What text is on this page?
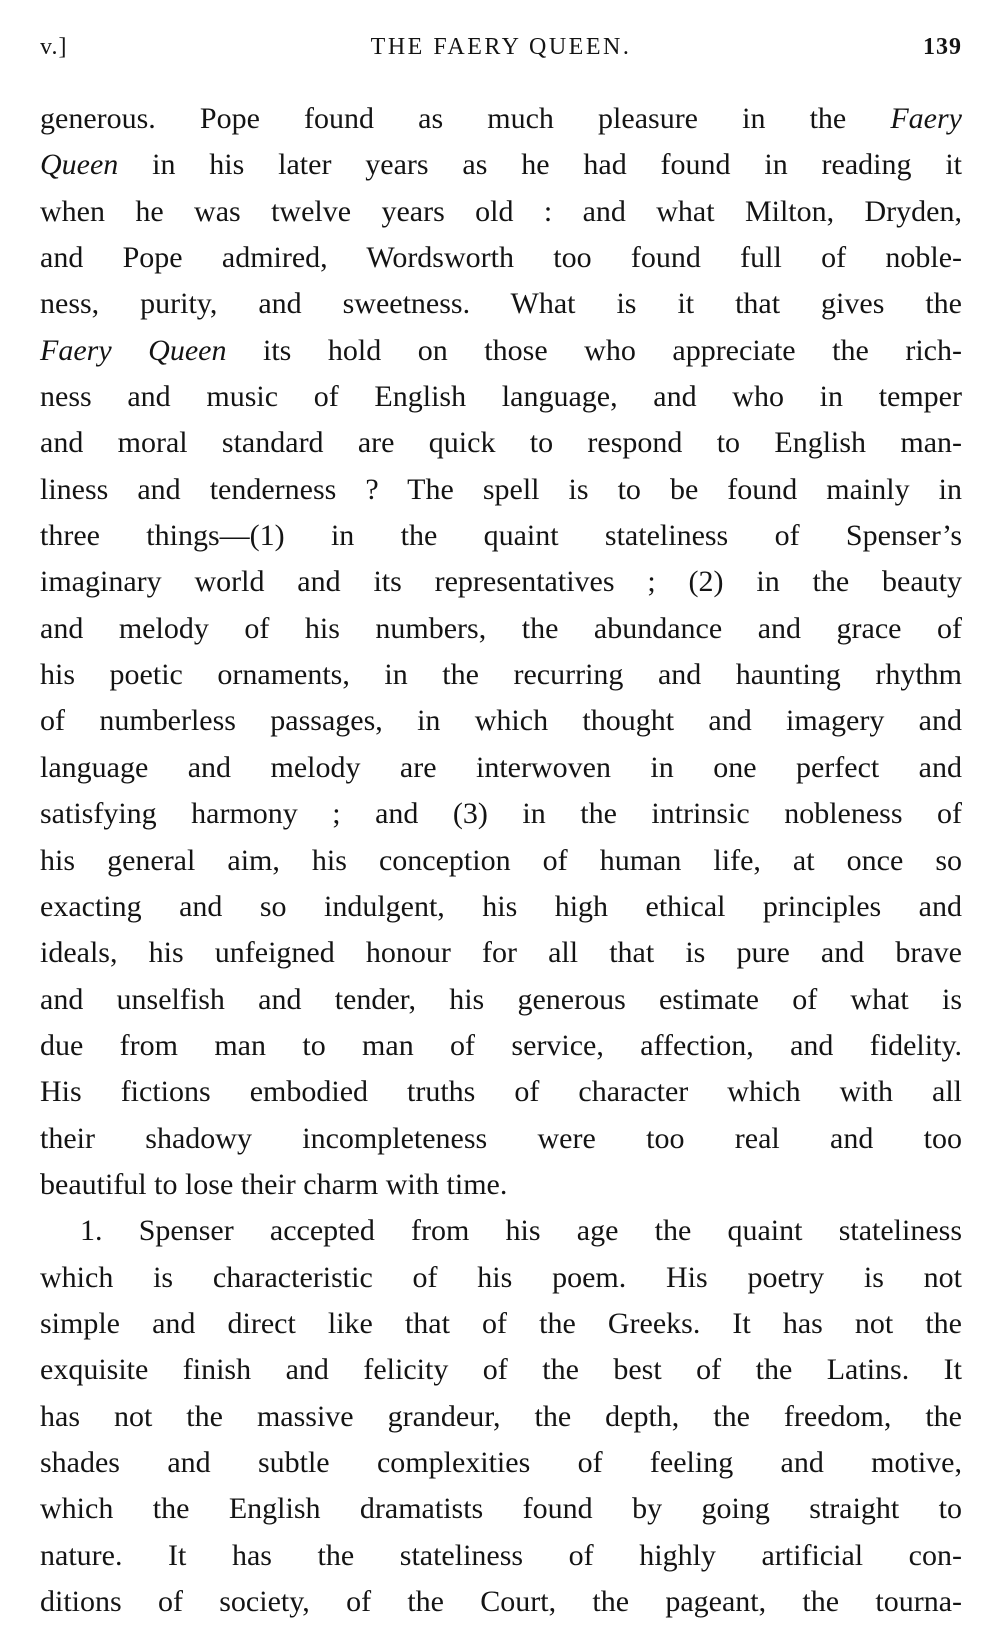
v.]	THE FAERY QUEEN.	139
generous. Pope found as much pleasure in the Faery
Queen in his later years as he had found in reading it
when he was twelve years old : and what Milton, Dryden,
and Pope admired, Wordsworth too found full of noble-
ness, purity, and sweetness. What is it that gives the
Faery Queen its hold on those who appreciate the rich-
ness and music of English language, and who in temper
and moral standard are quick to respond to English man-
liness and tenderness ? The spell is to be found mainly in
three things—(1) in the quaint stateliness of Spenser’s
imaginary world and its representatives ; (2) in the beauty
and melody of his numbers, the abundance and grace of
his poetic ornaments, in the recurring and haunting rhythm
of numberless passages, in which thought and imagery and
language and melody are interwoven in one perfect and
satisfying harmony ; and (3) in the intrinsic nobleness of
his general aim, his conception of human life, at once so
exacting and so indulgent, his high ethical principles and
ideals, his unfeigned honour for all that is pure and brave
and unselfish and tender, his generous estimate of what is
due from man to man of service, affection, and fidelity.
His fictions embodied truths of character which with all
their shadowy incompleteness were too real and too
beautiful to lose their charm with time.
1. Spenser accepted from his age the quaint stateliness
which is characteristic of his poem. His poetry is not
simple and direct like that of the Greeks. It has not the
exquisite finish and felicity of the best of the Latins. It
has not the massive grandeur, the depth, the freedom, the
shades and subtle complexities of feeling and motive,
which the English dramatists found by going straight to
nature. It has the stateliness of highly artificial con-
ditions of society, of the Court, the pageant, the tourna-
